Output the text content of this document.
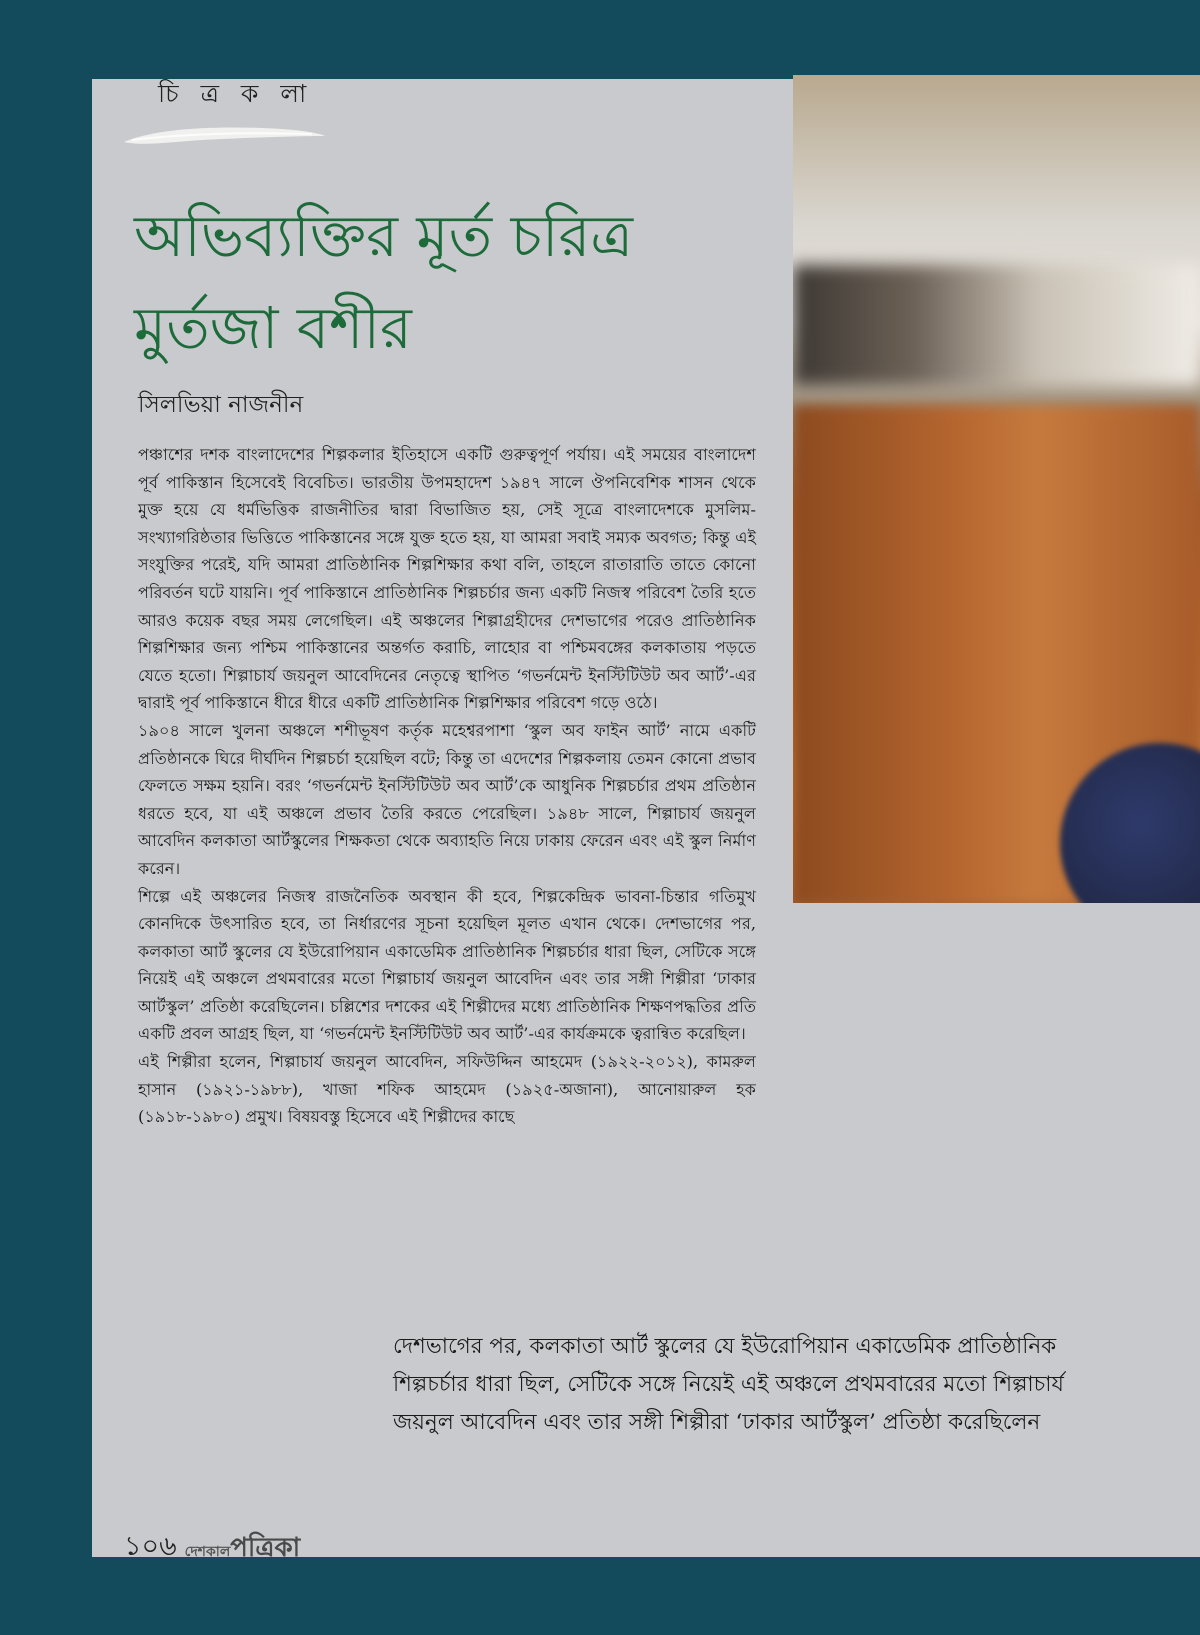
চি ত্র ক লা
অভিব্যক্তির মূর্ত চরিত্র
মুর্তজা বশীর
সিলভিয়া নাজনীন

পঞ্চাশের দশক বাংলাদেশের শিল্পকলার ইতিহাসে একটি গুরুত্বপূর্ণ পর্যায়। এই সময়ের বাংলাদেশ পূর্ব পাকিস্তান হিসেবেই বিবেচিত। ভারতীয় উপমহাদেশ ১৯৪৭ সালে ঔপনিবেশিক শাসন থেকে মুক্ত হয়ে যে ধর্মভিত্তিক রাজনীতির দ্বারা বিভাজিত হয়, সেই সূত্রে বাংলাদেশকে মুসলিম-সংখ্যাগরিষ্ঠতার ভিত্তিতে পাকিস্তানের সঙ্গে যুক্ত হতে হয়, যা আমরা সবাই সম্যক অবগত; কিন্তু এই সংযুক্তির পরেই, যদি আমরা প্রাতিষ্ঠানিক শিল্পশিক্ষার কথা বলি, তাহলে রাতারাতি তাতে কোনো পরিবর্তন ঘটে যায়নি। পূর্ব পাকিস্তানে প্রাতিষ্ঠানিক শিল্পচর্চার জন্য একটি নিজস্ব পরিবেশ তৈরি হতে আরও কয়েক বছর সময় লেগেছিল। এই অঞ্চলের শিল্পাগ্রহীদের দেশভাগের পরেও প্রাতিষ্ঠানিক শিল্পশিক্ষার জন্য পশ্চিম পাকিস্তানের অন্তর্গত করাচি, লাহোর বা পশ্চিমবঙ্গের কলকাতায় পড়তে যেতে হতো। শিল্পাচার্য জয়নুল আবেদিনের নেতৃত্বে স্থাপিত ‘গভর্নমেন্ট ইনস্টিটিউট অব আর্ট’-এর দ্বারাই পূর্ব পাকিস্তানে ধীরে ধীরে একটি প্রাতিষ্ঠানিক শিল্পশিক্ষার পরিবেশ গড়ে ওঠে।

১৯০৪ সালে খুলনা অঞ্চলে শশীভূষণ কর্তৃক মহেশ্বরপাশা ‘স্কুল অব ফাইন আর্ট’ নামে একটি প্রতিষ্ঠানকে ঘিরে দীর্ঘদিন শিল্পচর্চা হয়েছিল বটে; কিন্তু তা এদেশের শিল্পকলায় তেমন কোনো প্রভাব ফেলতে সক্ষম হয়নি। বরং ‘গভর্নমেন্ট ইনস্টিটিউট অব আর্ট’কে আধুনিক শিল্পচর্চার প্রথম প্রতিষ্ঠান ধরতে হবে, যা এই অঞ্চলে প্রভাব তৈরি করতে পেরেছিল। ১৯৪৮ সালে, শিল্পাচার্য জয়নুল আবেদিন কলকাতা আর্টস্কুলের শিক্ষকতা থেকে অব্যাহতি নিয়ে ঢাকায় ফেরেন এবং এই স্কুল নির্মাণ করেন।

শিল্পে এই অঞ্চলের নিজস্ব রাজনৈতিক অবস্থান কী হবে, শিল্পকেন্দ্রিক ভাবনা-চিন্তার গতিমুখ কোনদিকে উৎসারিত হবে, তা নির্ধারণের সূচনা হয়েছিল মূলত এখান থেকে। দেশভাগের পর, কলকাতা আর্ট স্কুলের যে ইউরোপিয়ান একাডেমিক প্রাতিষ্ঠানিক শিল্পচর্চার ধারা ছিল, সেটিকে সঙ্গে নিয়েই এই অঞ্চলে প্রথমবারের মতো শিল্পাচার্য জয়নুল আবেদিন এবং তার সঙ্গী শিল্পীরা ‘ঢাকার আর্টস্কুল’ প্রতিষ্ঠা করেছিলেন। চল্লিশের দশকের এই শিল্পীদের মধ্যে প্রাতিষ্ঠানিক শিক্ষণপদ্ধতির প্রতি একটি প্রবল আগ্রহ ছিল, যা ‘গভর্নমেন্ট ইনস্টিটিউট অব আর্ট’-এর কার্যক্রমকে ত্বরান্বিত করেছিল।

এই শিল্পীরা হলেন, শিল্পাচার্য জয়নুল আবেদিন, সফিউদ্দিন আহমেদ (১৯২২-২০১২), কামরুল হাসান (১৯২১-১৯৮৮), খাজা শফিক আহমেদ (১৯২৫-অজানা), আনোয়ারুল হক (১৯১৮-১৯৮০) প্রমুখ। বিষয়বস্তু হিসেবে এই শিল্পীদের কাছে

দেশভাগের পর, কলকাতা আর্ট স্কুলের যে ইউরোপিয়ান একাডেমিক প্রাতিষ্ঠানিক শিল্পচর্চার ধারা ছিল, সেটিকে সঙ্গে নিয়েই এই অঞ্চলে প্রথমবারের মতো শিল্পাচার্য জয়নুল আবেদিন এবং তার সঙ্গী শিল্পীরা ‘ঢাকার আর্টস্কুল’ প্রতিষ্ঠা করেছিলেন
১০৬ দেশকাল পত্রিকা
